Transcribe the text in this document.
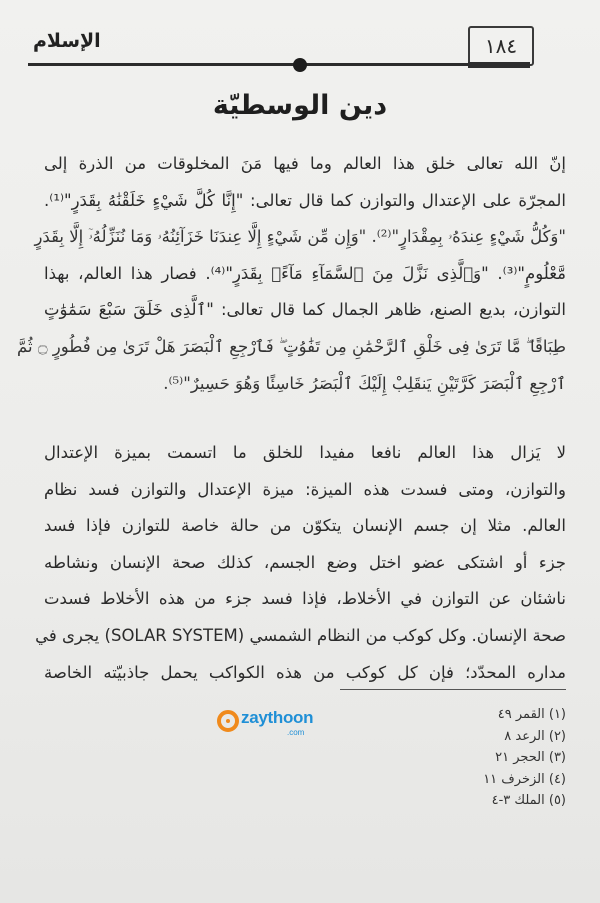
الإسلام	١٨٤
دين الوسطيّة
إنّ الله تعالى خلق هذا العالم وما فيها مَنَ المخلوقات من الذرة إلى
المجرّة على الإعتدال والتوازن كما قال تعالى: "إِنَّا كُلَّ شَيْءٍ خَلَقْنَٰهُ بِقَدَرٍ"⁽¹⁾.
"وَكُلُّ شَيْءٍ عِندَهُۥ بِمِقْدَارٍ"⁽²⁾. "وَإِن مِّن شَيْءٍ إِلَّا عِندَنَا خَزَآئِنُهُۥ وَمَا نُنَزِّلُهُۥٓ إِلَّا بِقَدَرٍ
مَّعْلُومٍ"⁽³⁾. "وَٱلَّذِى نَزَّلَ مِنَ ٱلسَّمَآءِ مَآءًۢ بِقَدَرٍ"⁽⁴⁾. فصار هذا العالم، بهذا
التوازن، بديع الصنع، ظاهر الجمال كما قال تعالى: "ٱلَّذِى خَلَقَ سَبْعَ سَمَٰوَٰتٍ
طِبَاقًا ۖ مَّا تَرَىٰ فِى خَلْقِ ٱلرَّحْمَٰنِ مِن تَفَٰوُتٍ ۖ فَٱرْجِعِ ٱلْبَصَرَ هَلْ تَرَىٰ مِن فُطُورٍ ۝ ثُمَّ
ٱرْجِعِ ٱلْبَصَرَ كَرَّتَيْنِ يَنقَلِبْ إِلَيْكَ ٱلْبَصَرُ خَاسِئًا وَهُوَ حَسِيرٌ"⁽⁵⁾.
لا يَزال هذا العالم نافعا مفيدا للخلق ما اتسمت بميزة الإعتدال
والتوازن، ومتى فسدت هذه الميزة: ميزة الإعتدال والتوازن فسد نظام
العالم. مثلا إن جسم الإنسان يتكوّن من حالة خاصة للتوازن فإذا فسد
جزء أو اشتكى عضو اختل وضع الجسم، كذلك صحة الإنسان ونشاطه
ناشئان عن التوازن في الأخلاط، فإذا فسد جزء من هذه الأخلاط فسدت
صحة الإنسان. وكل كوكب من النظام الشمسي (SOLAR SYSTEM) يجرى في
مداره المحدّد؛ فإن كل كوكب من هذه الكواكب يحمل جاذبيّته الخاصة
zaythoon
.com
(١) القمر ٤٩
(٢) الرعد ٨
(٣) الحجر ٢١
(٤) الزخرف ١١
(٥) الملك ٣-٤
